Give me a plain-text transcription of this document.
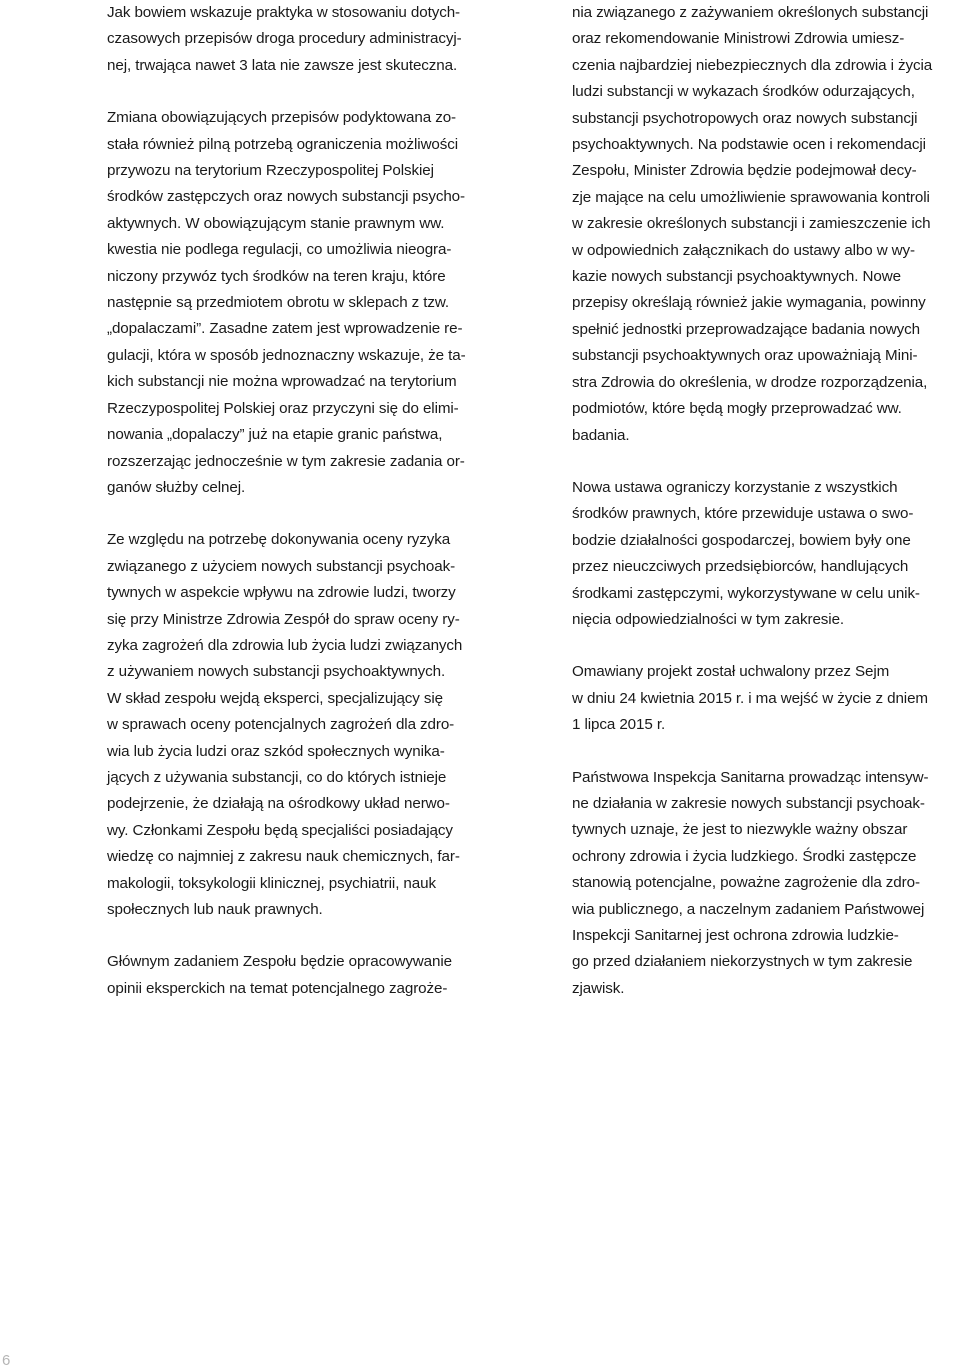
Jak bowiem wskazuje praktyka w stosowaniu dotych-
czasowych przepisów droga procedury administracyj-
nej, trwająca nawet 3 lata nie zawsze jest skuteczna.

Zmiana obowiązujących przepisów podyktowana zo-
stała również pilną potrzebą ograniczenia możliwości
przywozu na terytorium Rzeczypospolitej Polskiej
środków zastępczych oraz nowych substancji psycho-
aktywnych. W obowiązującym stanie prawnym ww.
kwestia nie podlega regulacji, co umożliwia nieogra-
niczony przywóz tych środków na teren kraju, które
następnie są przedmiotem obrotu w sklepach z tzw.
„dopalaczami”. Zasadne zatem jest wprowadzenie re-
gulacji, która w sposób jednoznaczny wskazuje, że ta-
kich substancji nie można wprowadzać na terytorium
Rzeczypospolitej Polskiej oraz przyczyni się do elimi-
nowania „dopalaczy” już na etapie granic państwa,
rozszerzając jednocześnie w tym zakresie zadania or-
ganów służby celnej.

Ze względu na potrzebę dokonywania oceny ryzyka
związanego z użyciem nowych substancji psychoak-
tywnych w aspekcie wpływu na zdrowie ludzi, tworzy
się przy Ministrze Zdrowia Zespół do spraw oceny ry-
zyka zagrożeń dla zdrowia lub życia ludzi związanych
z używaniem nowych substancji psychoaktywnych.
W skład zespołu wejdą eksperci, specjalizujący się
w sprawach oceny potencjalnych zagrożeń dla zdro-
wia lub życia ludzi oraz szkód społecznych wynika-
jących z używania substancji, co do których istnieje
podejrzenie, że działają na ośrodkowy układ nerwo-
wy. Członkami Zespołu będą specjaliści posiadający
wiedzę co najmniej z zakresu nauk chemicznych, far-
makologii, toksykologii klinicznej, psychiatrii, nauk
społecznych lub nauk prawnych.

Głównym zadaniem Zespołu będzie opracowywanie
opinii eksperckich na temat potencjalnego zagroże-

nia związanego z zażywaniem określonych substancji
oraz rekomendowanie Ministrowi Zdrowia umiesz-
czenia najbardziej niebezpiecznych dla zdrowia i życia
ludzi substancji w wykazach środków odurzających,
substancji psychotropowych oraz nowych substancji
psychoaktywnych. Na podstawie ocen i rekomendacji
Zespołu, Minister Zdrowia będzie podejmował decy-
zje mające na celu umożliwienie sprawowania kontroli
w zakresie określonych substancji i zamieszczenie ich
w odpowiednich załącznikach do ustawy albo w wy-
kazie nowych substancji psychoaktywnych. Nowe
przepisy określają również jakie wymagania, powinny
spełnić jednostki przeprowadzające badania nowych
substancji psychoaktywnych oraz upoważniają Mini-
stra Zdrowia do określenia, w drodze rozporządzenia,
podmiotów, które będą mogły przeprowadzać ww.
badania.

Nowa ustawa ograniczy korzystanie z wszystkich
środków prawnych, które przewiduje ustawa o swo-
bodzie działalności gospodarczej, bowiem były one
przez nieuczciwych przedsiębiorców, handlujących
środkami zastępczymi, wykorzystywane w celu unik-
nięcia odpowiedzialności w tym zakresie.

Omawiany projekt został uchwalony przez Sejm
w dniu 24 kwietnia 2015 r. i ma wejść w życie z dniem
1 lipca 2015 r.

Państwowa Inspekcja Sanitarna prowadząc intensyw-
ne działania w zakresie nowych substancji psychoak-
tywnych uznaje, że jest to niezwykle ważny obszar
ochrony zdrowia i życia ludzkiego. Środki zastępcze
stanowią potencjalne, poważne zagrożenie dla zdro-
wia publicznego, a naczelnym zadaniem Państwowej
Inspekcji Sanitarnej jest ochrona zdrowia ludzkie-
go przed działaniem niekorzystnych w tym zakresie
zjawisk.

6
